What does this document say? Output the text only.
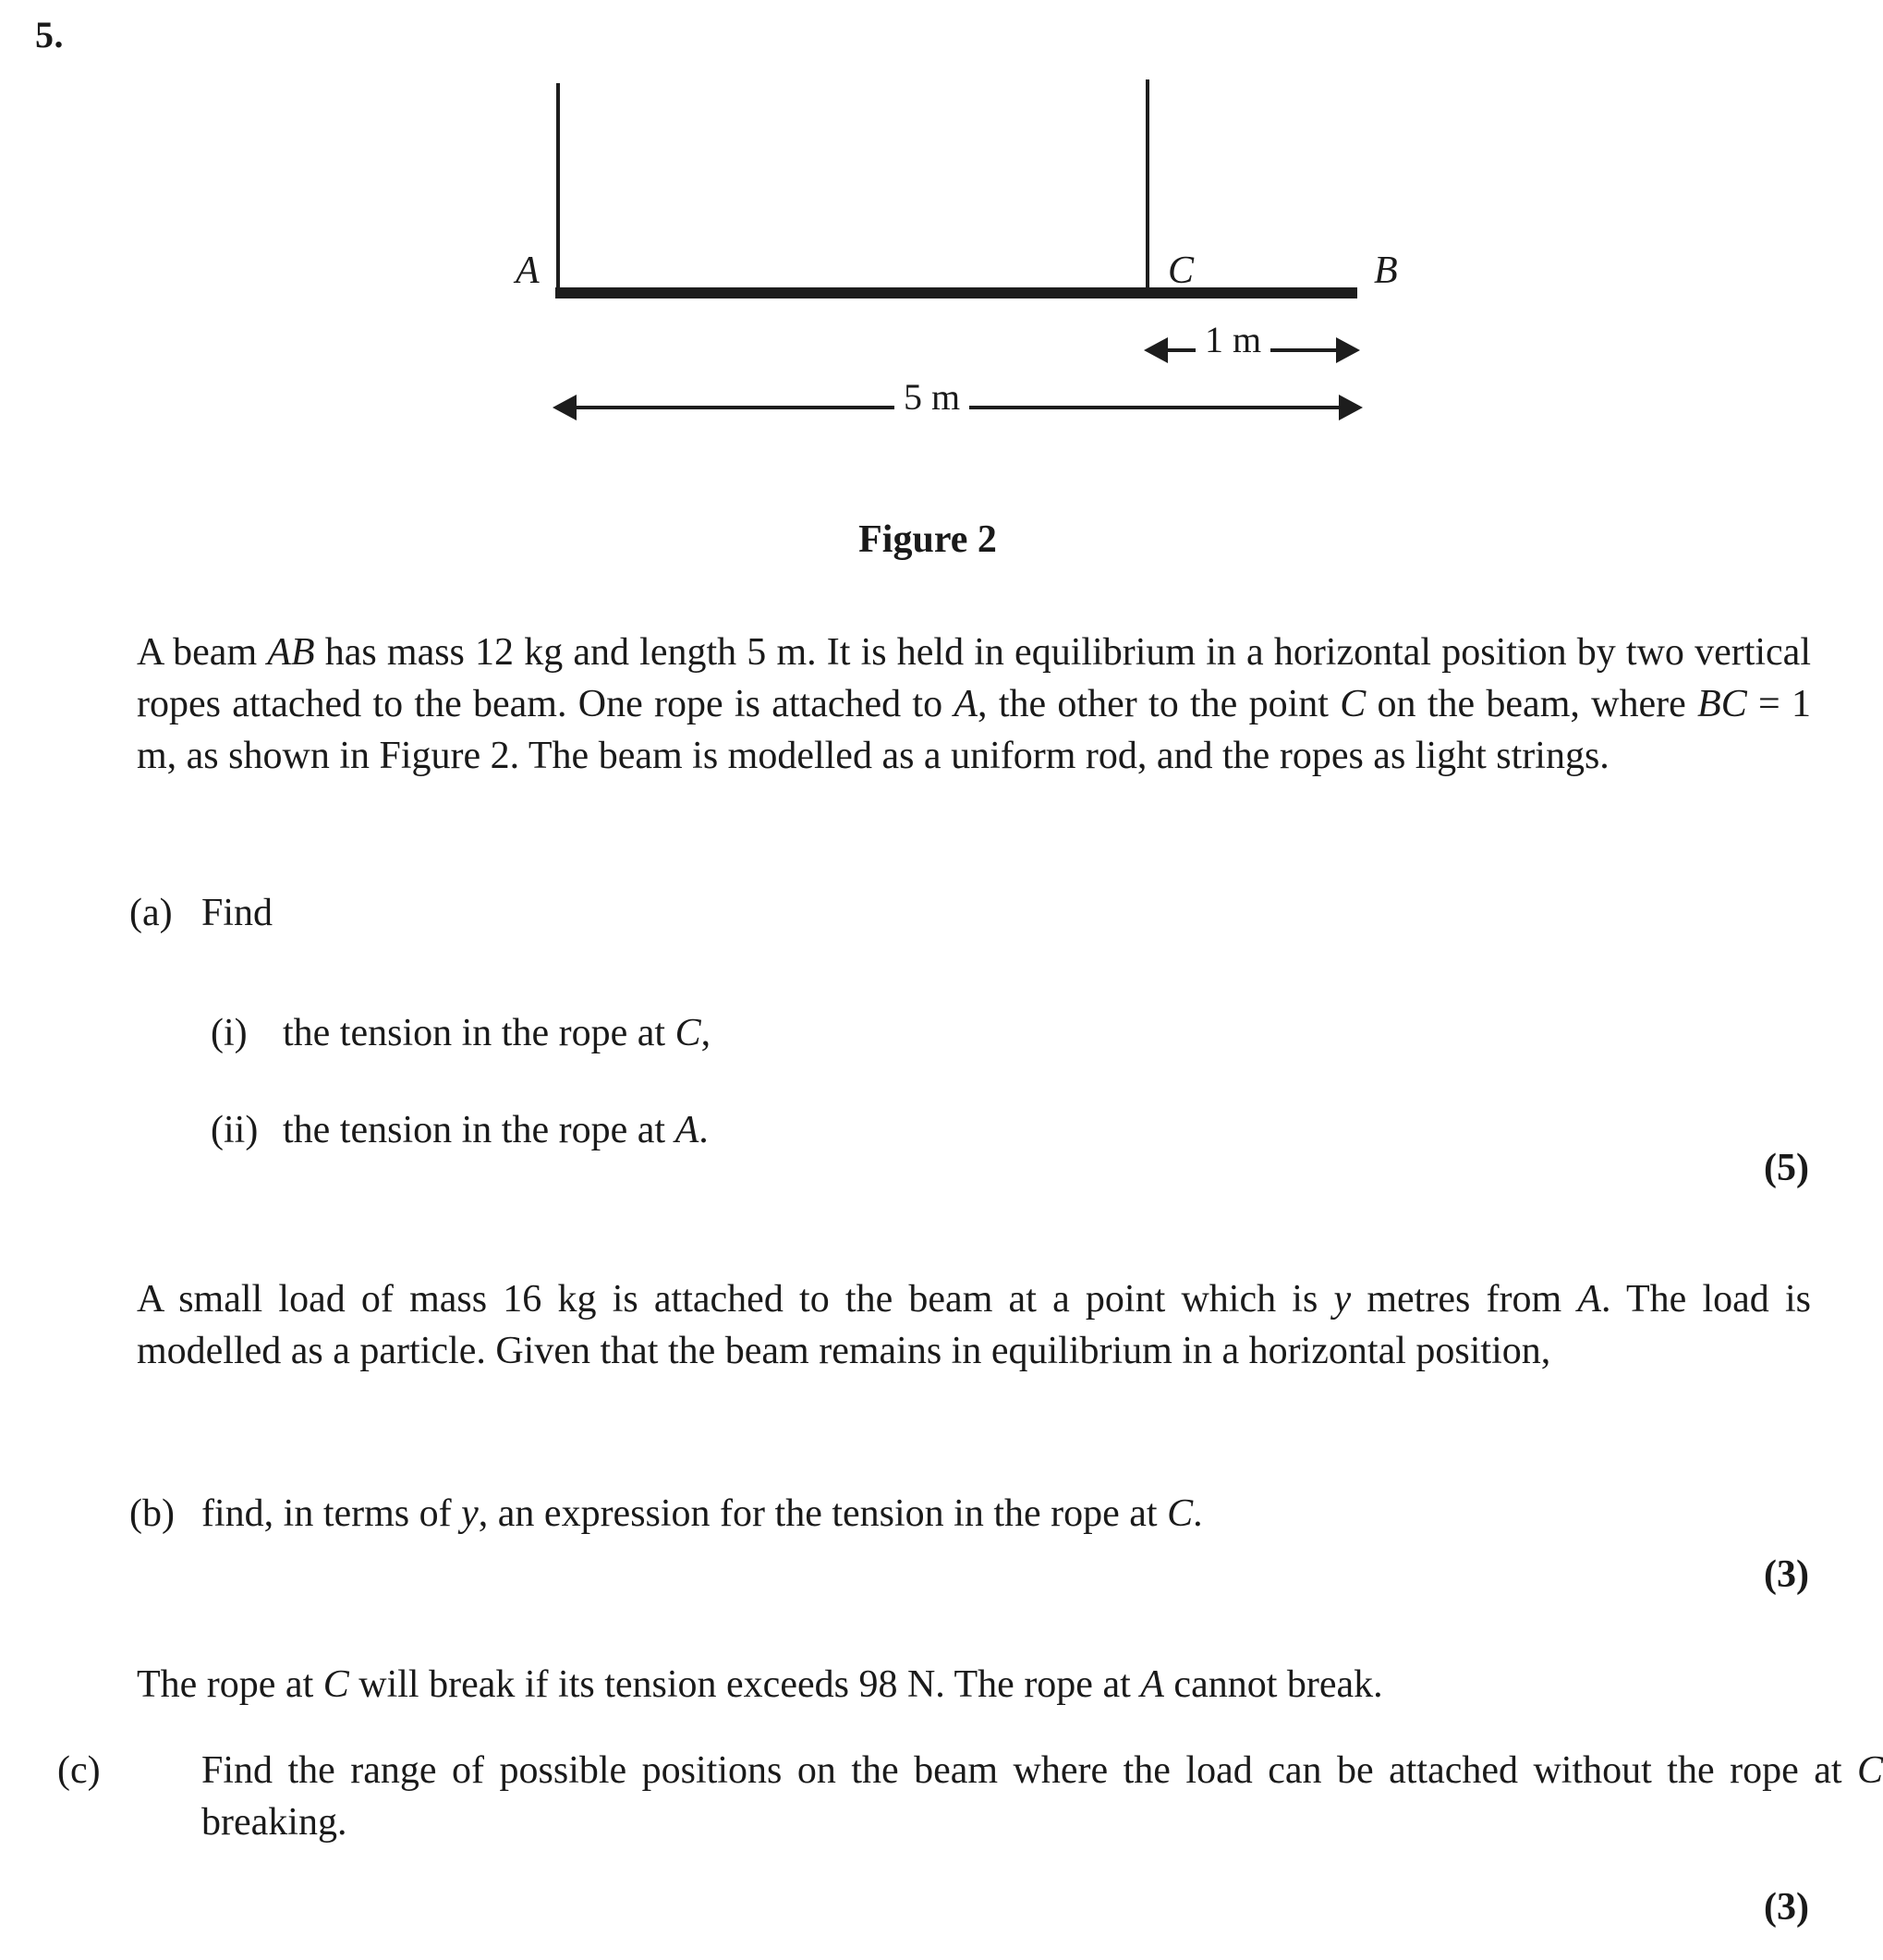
5.
A	C	B
1 m
5 m
Figure 2
A beam AB has mass 12 kg and length 5 m. It is held in equilibrium in a horizontal position by two vertical ropes attached to the beam. One rope is attached to A, the other to the point C on the beam, where BC = 1 m, as shown in Figure 2. The beam is modelled as a uniform rod, and the ropes as light strings.
(a) Find
(i) the tension in the rope at C,
(ii) the tension in the rope at A.
(5)
A small load of mass 16 kg is attached to the beam at a point which is y metres from A. The load is modelled as a particle. Given that the beam remains in equilibrium in a horizontal position,
(b) find, in terms of y, an expression for the tension in the rope at C.
(3)
The rope at C will break if its tension exceeds 98 N. The rope at A cannot break.
(c)	Find the range of possible positions on the beam where the load can be attached without the rope at C breaking.
(3)
